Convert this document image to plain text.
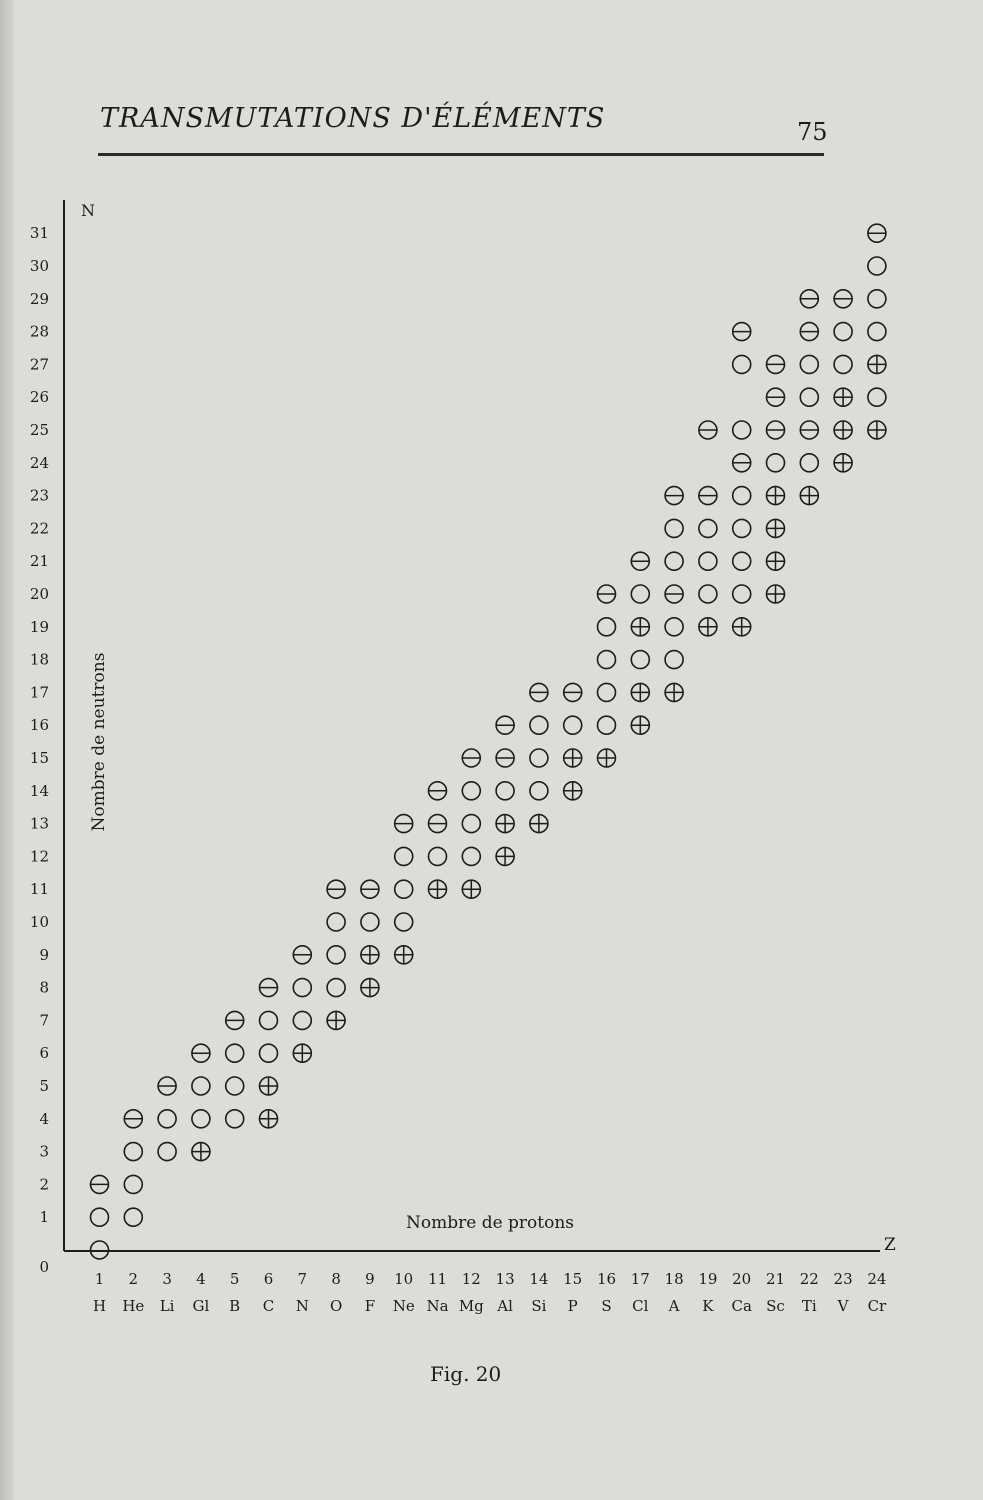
TRANSMUTATIONS D'ÉLÉMENTS	75
0
1
2
3
4
5
6
7
8
9
10
11
12
13
14
15
16
17
18
19
20
21
22
23
24
25
26
27
28
29
30
31
1 2 3 4 5 6 7 8 9 10 11 12 13 14 15 16 17 18 19 20 21 22 23 24
H He Li Gl B C N O F Ne Na Mg Al Si P S Cl A K Ca Sc Ti V Cr
N
Z
Nombre de protons
Nombre de neutrons
Fig. 20
